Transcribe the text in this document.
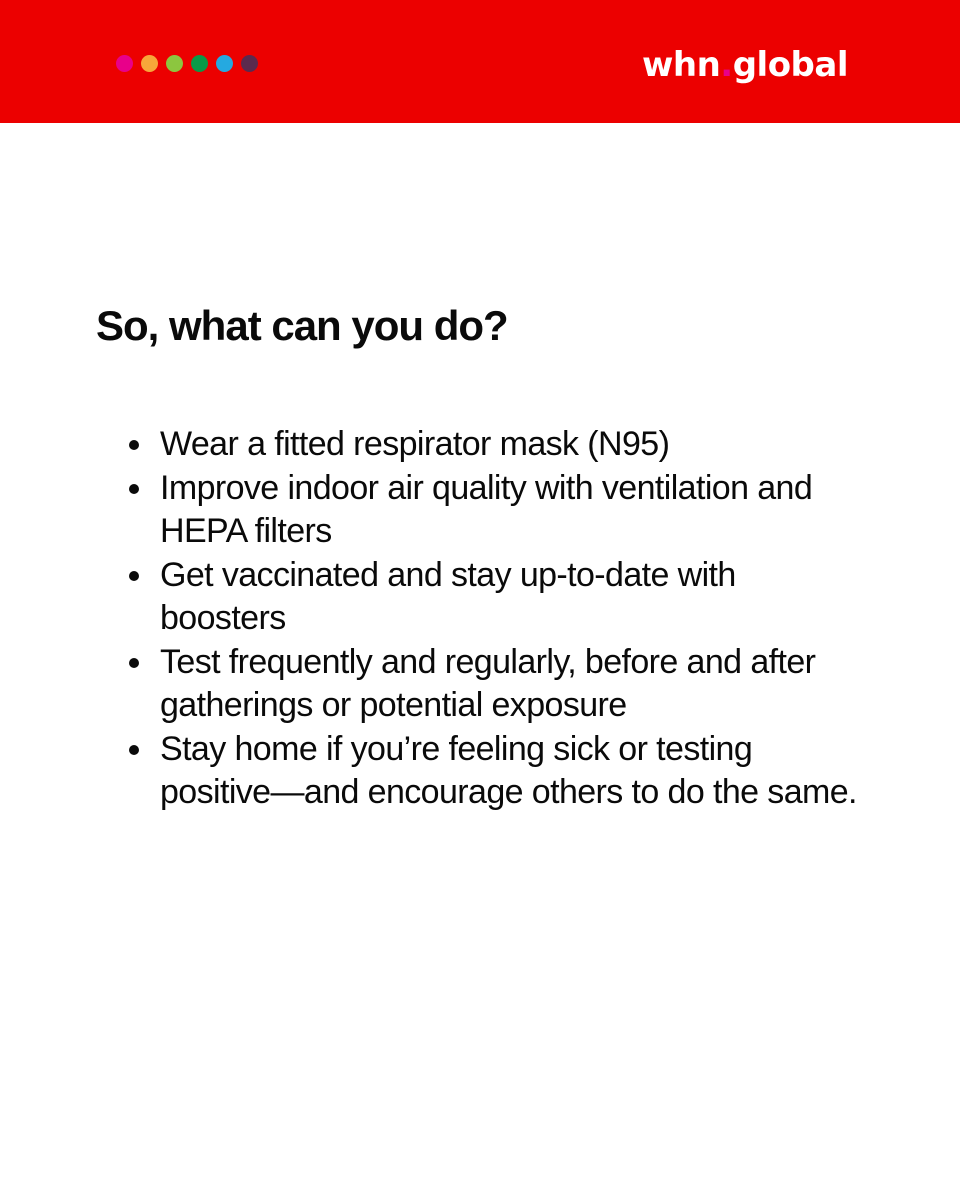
whn.global
So, what can you do?
Wear a fitted respirator mask (N95)
Improve indoor air quality with ventilation and HEPA filters
Get vaccinated and stay up-to-date with boosters
Test frequently and regularly, before and after gatherings or potential exposure
Stay home if you’re feeling sick or testing positive—and encourage others to do the same.
